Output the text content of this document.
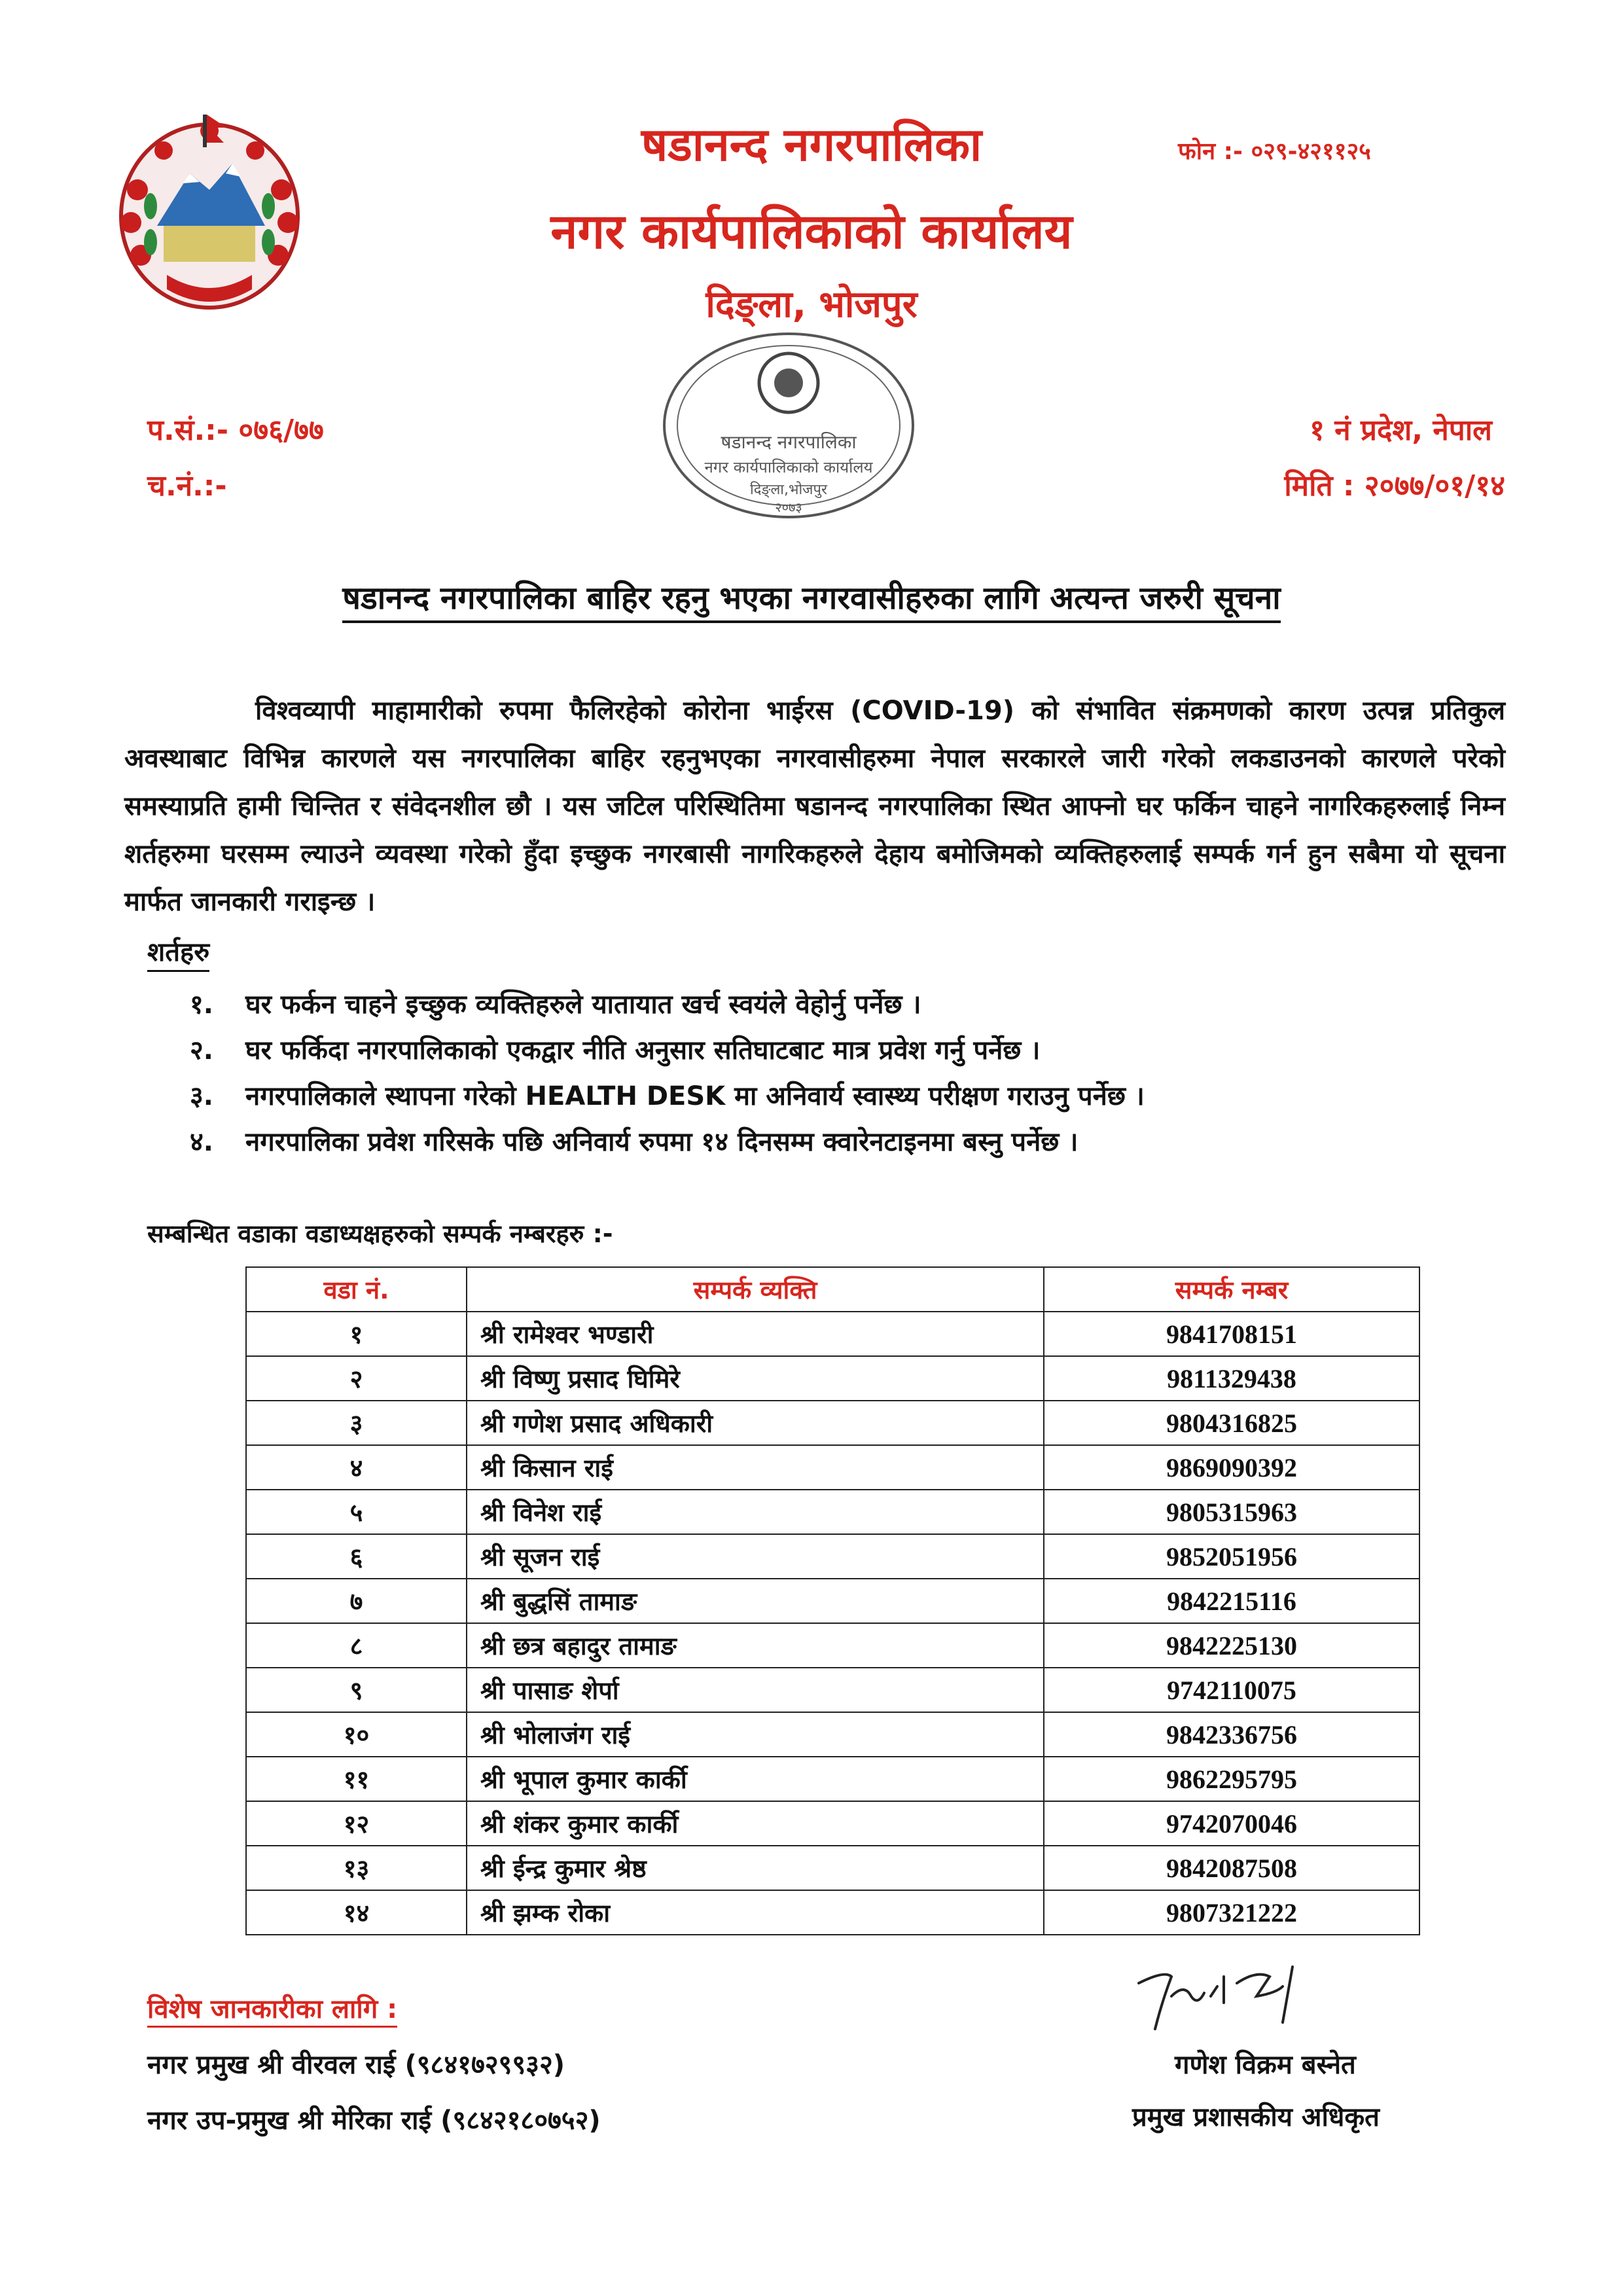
षडानन्द नगरपालिका
नगर कार्यपालिकाको कार्यालय
दिङ्ला, भोजपुर
फोन :- ०२९-४२११२५
षडानन्द नगरपालिका
नगर कार्यपालिकाको कार्यालय
दिङ्ला,भोजपुर
२०७३
प.सं.:- ०७६/७७
च.नं.:-
१ नं प्रदेश, नेपाल
मिति : २०७७/०१/१४
षडानन्द नगरपालिका बाहिर रहनु भएका नगरवासीहरुका लागि अत्यन्त जरुरी सूचना
विश्वव्यापी माहामारीको रुपमा फैलिरहेको कोरोना भाईरस (COVID-19) को संभावित संक्रमणको कारण उत्पन्न प्रतिकुल अवस्थाबाट विभिन्न कारणले यस नगरपालिका बाहिर रहनुभएका नगरवासीहरुमा नेपाल सरकारले जारी गरेको लकडाउनको कारणले परेको समस्याप्रति हामी चिन्तित र संवेदनशील छौ । यस जटिल परिस्थितिमा षडानन्द नगरपालिका स्थित आफ्नो घर फर्किन चाहने नागरिकहरुलाई निम्न शर्तहरुमा घरसम्म ल्याउने व्यवस्था गरेको हुँदा इच्छुक नगरबासी नागरिकहरुले देहाय बमोजिमको व्यक्तिहरुलाई सम्पर्क गर्न हुन सबैमा यो सूचना मार्फत जानकारी गराइन्छ ।
शर्तहरु
१. घर फर्कन चाहने इच्छुक व्यक्तिहरुले यातायात खर्च स्वयंले वेहोर्नु पर्नेछ ।
२. घर फर्किदा नगरपालिकाको एकद्वार नीति अनुसार सतिघाटबाट मात्र प्रवेश गर्नु पर्नेछ ।
३. नगरपालिकाले स्थापना गरेको HEALTH DESK मा अनिवार्य स्वास्थ्य परीक्षण गराउनु पर्नेछ ।
४. नगरपालिका प्रवेश गरिसके पछि अनिवार्य रुपमा १४ दिनसम्म क्वारेनटाइनमा बस्नु पर्नेछ ।
सम्बन्धित वडाका वडाध्यक्षहरुको सम्पर्क नम्बरहरु :-
वडा नं.	सम्पर्क व्यक्ति	सम्पर्क नम्बर
१	श्री रामेश्वर भण्डारी	9841708151
२	श्री विष्णु प्रसाद घिमिरे	9811329438
३	श्री गणेश प्रसाद अधिकारी	9804316825
४	श्री किसान राई	9869090392
५	श्री विनेश राई	9805315963
६	श्री सूजन राई	9852051956
७	श्री बुद्धसिं तामाङ	9842215116
८	श्री छत्र बहादुर तामाङ	9842225130
९	श्री पासाङ शेर्पा	9742110075
१०	श्री भोलाजंग राई	9842336756
११	श्री भूपाल कुमार कार्की	9862295795
१२	श्री शंकर कुमार कार्की	9742070046
१३	श्री ईन्द्र कुमार श्रेष्ठ	9842087508
१४	श्री झम्क रोका	9807321222
विशेष जानकारीका लागि :
नगर प्रमुख श्री वीरवल राई (९८४१७२९९३२)
नगर उप-प्रमुख श्री मेरिका राई (९८४२१८०७५२)
गणेश विक्रम बस्नेत
प्रमुख प्रशासकीय अधिकृत
